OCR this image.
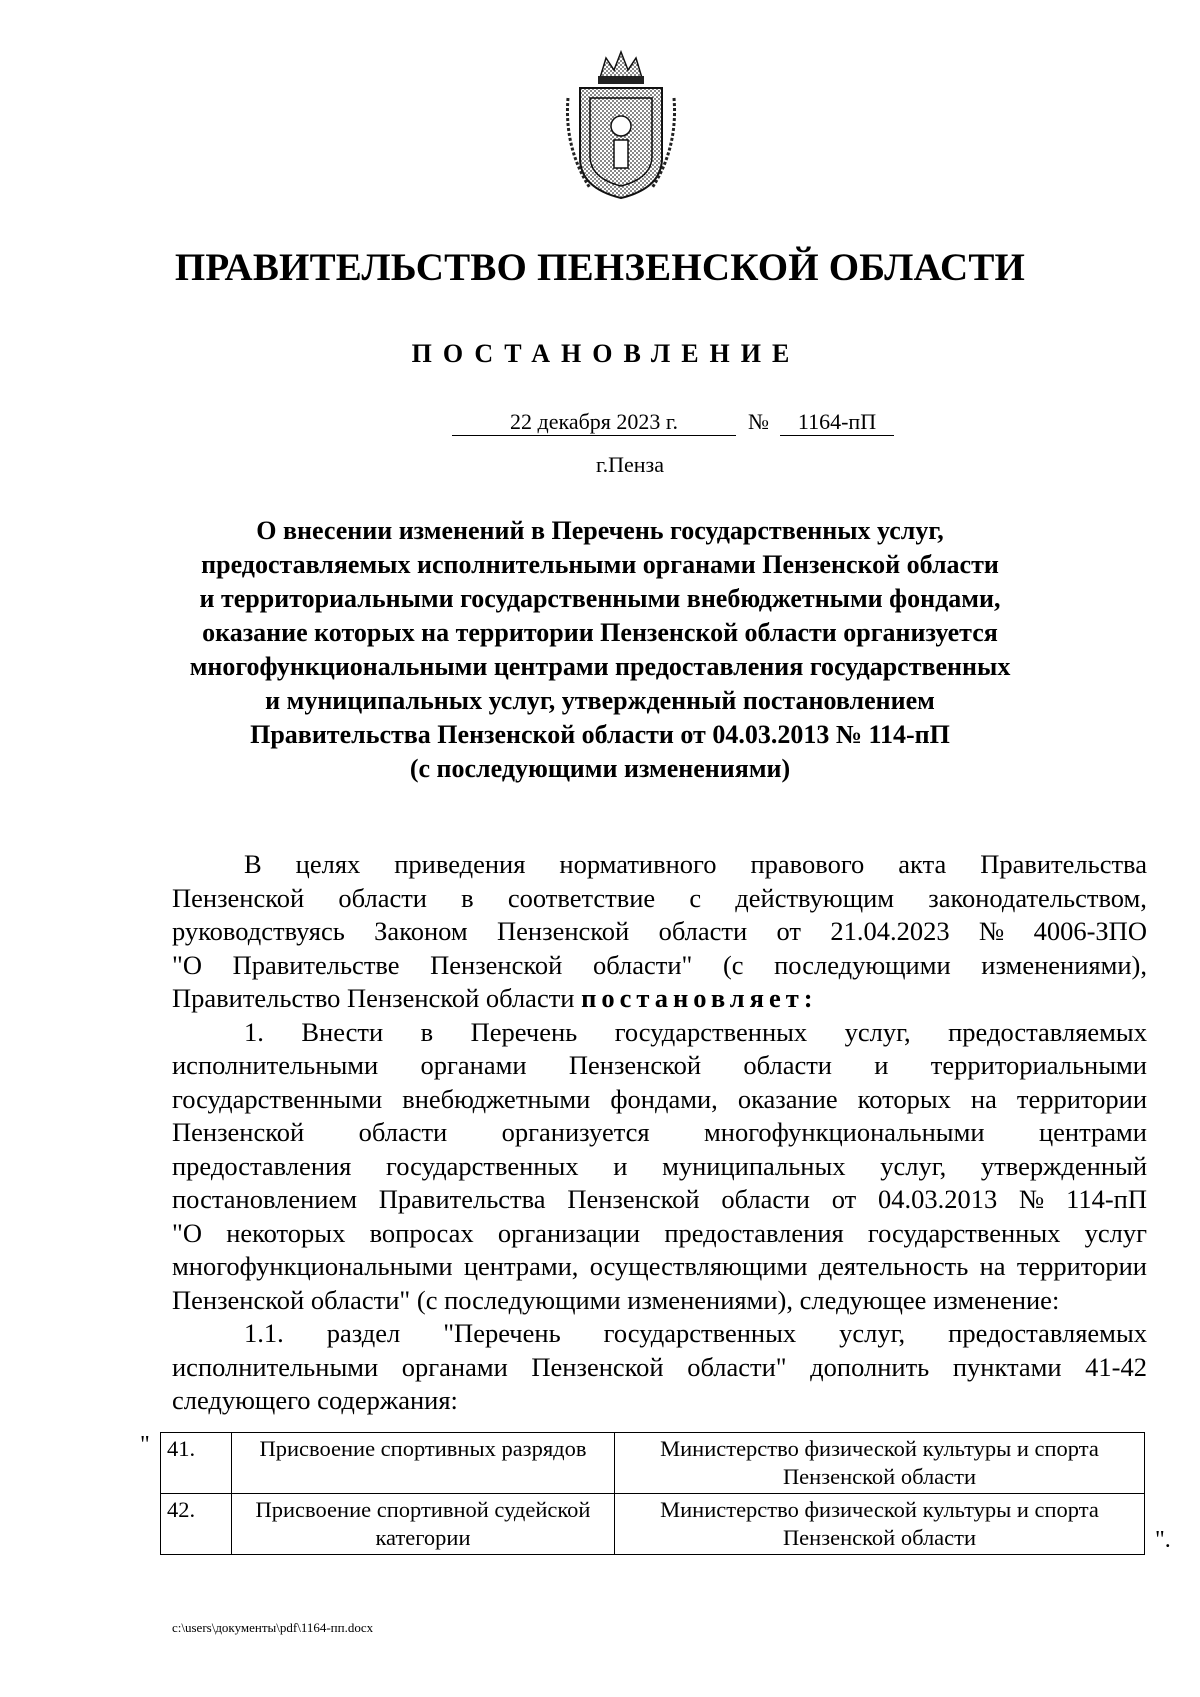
ПРАВИТЕЛЬСТВО ПЕНЗЕНСКОЙ ОБЛАСТИ
ПОСТАНОВЛЕНИЕ
22 декабря 2023 г.	№	1164-пП
г.Пенза
О внесении изменений в Перечень государственных услуг,
предоставляемых исполнительными органами Пензенской области
и территориальными государственными внебюджетными фондами,
оказание которых на территории Пензенской области организуется
многофункциональными центрами предоставления государственных
и муниципальных услуг, утвержденный постановлением
Правительства Пензенской области от 04.03.2013 № 114-пП
(с последующими изменениями)
В целях приведения нормативного правового акта Правительства
Пензенской области в соответствие с действующим законодательством,
руководствуясь Законом Пензенской области от 21.04.2023 № 4006-ЗПО
"О Правительстве Пензенской области" (с последующими изменениями),
Правительство Пензенской области постановляет:
1. Внести в Перечень государственных услуг, предоставляемых
исполнительными органами Пензенской области и территориальными
государственными внебюджетными фондами, оказание которых на территории
Пензенской области организуется многофункциональными центрами
предоставления государственных и муниципальных услуг, утвержденный
постановлением Правительства Пензенской области от 04.03.2013 № 114-пП
"О некоторых вопросах организации предоставления государственных услуг
многофункциональными центрами, осуществляющими деятельность на территории
Пензенской области" (с последующими изменениями), следующее изменение:
1.1. раздел "Перечень государственных услуг, предоставляемых
исполнительными органами Пензенской области" дополнить пунктами 41-42
следующего содержания:
" 41.	Присвоение спортивных разрядов	Министерство физической культуры и спорта Пензенской области
42.	Присвоение спортивной судейской категории	Министерство физической культуры и спорта Пензенской области	".
c:\users\документы\pdf\1164-пп.docx
